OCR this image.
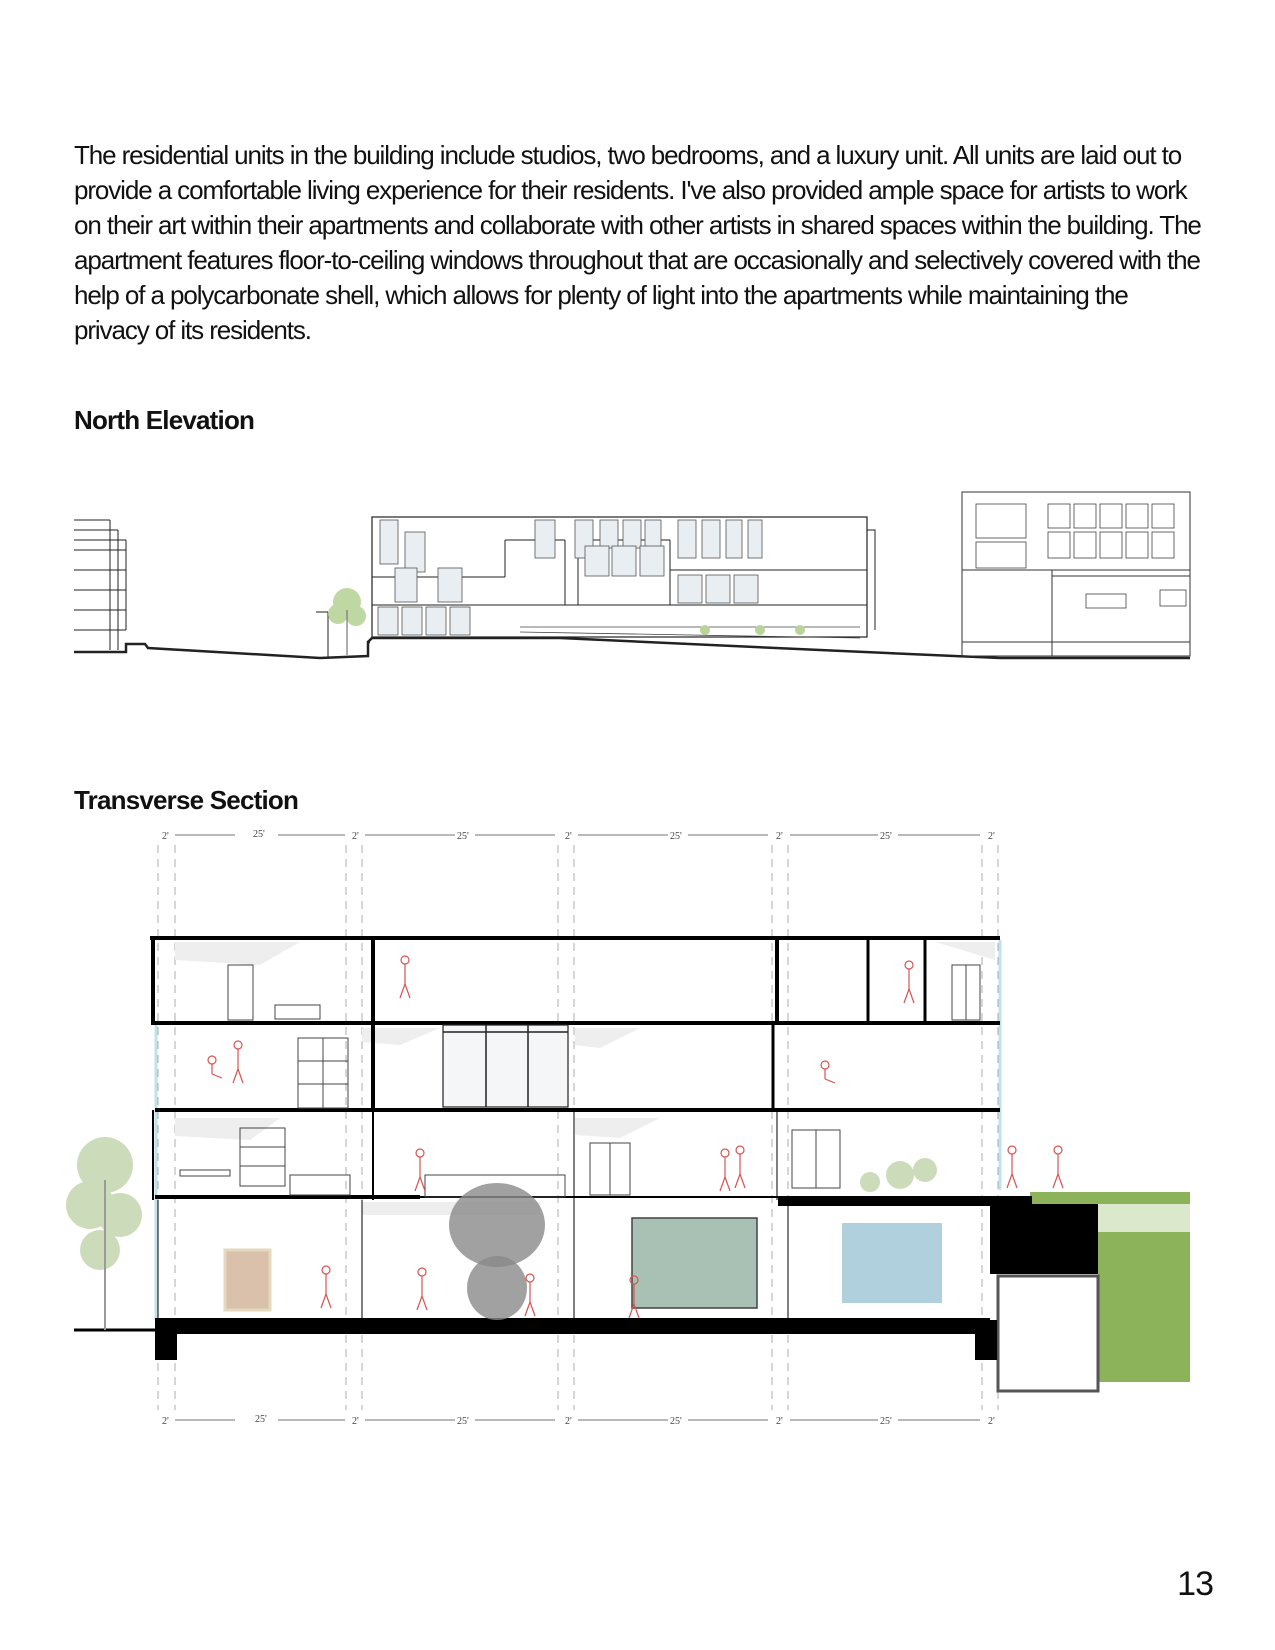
The residential units in the building include studios, two bedrooms, and a luxury unit. All units are laid out to provide a comfortable living experience for their residents. I've also provided ample space for artists to work on their art within their apartments and collaborate with other artists in shared spaces within the building. The apartment features floor-to-ceiling windows throughout that are occasionally and selectively covered with the help of a polycarbonate shell, which allows for plenty of light into the apartments while maintaining the privacy of its residents.

North Elevation
Transverse Section
2'	25'	2'	25'	2'	25'	2'	25'	2'
2'	25'	2'	25'	2'	25'	2'	25'	2'
13
